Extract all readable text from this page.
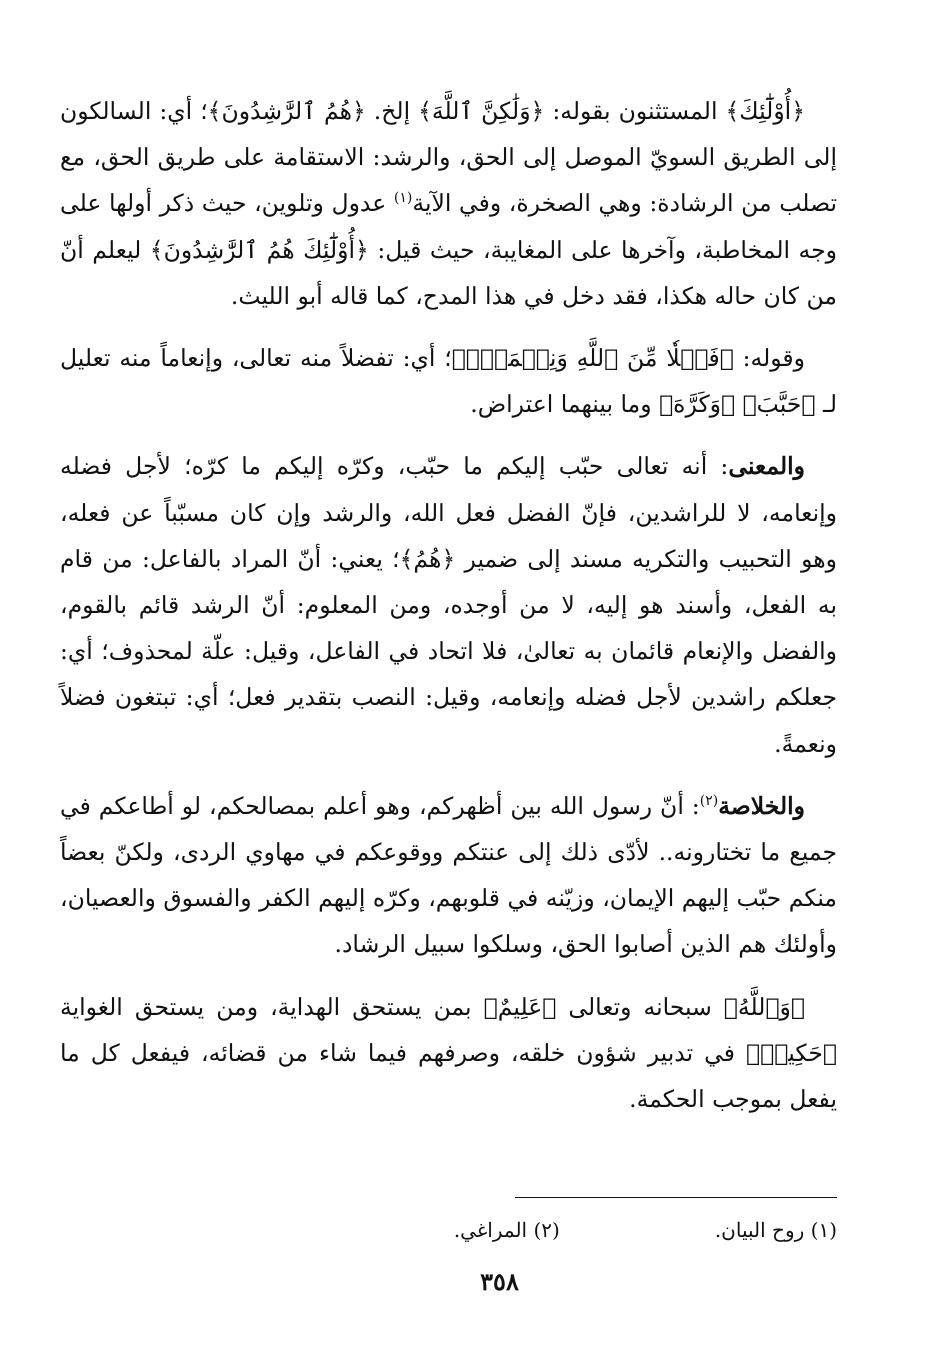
﴿أُوْلَٰٓئِكَ﴾ المستثنون بقوله: ﴿وَلَٰكِنَّ ٱللَّهَ﴾ إلخ. ﴿هُمُ ٱلرَّٰشِدُونَ﴾؛ أي: السالكون إلى الطريق السويّ الموصل إلى الحق، والرشد: الاستقامة على طريق الحق، مع تصلب من الرشادة: وهي الصخرة، وفي الآية$^{(١)}$ عدول وتلوين، حيث ذكر أولها على وجه المخاطبة، وآخرها على المغايبة، حيث قيل: ﴿أُوْلَٰٓئِكَ هُمُ ٱلرَّٰشِدُونَ﴾ ليعلم أنّ من كان حاله هكذا، فقد دخل في هذا المدح، كما قاله أبو الليث.

وقوله: ﴿فَضۡلٗا مِّنَ ٱللَّهِ وَنِعۡمَةٗۚ﴾؛ أي: تفضلاً منه تعالى، وإنعاماً منه تعليل لـ ﴿حَبَّبَ﴾ ﴿وَكَرَّهَ﴾ وما بينهما اعتراض.

والمعنى: أنه تعالى حبّب إليكم ما حبّب، وكرّه إليكم ما كرّه؛ لأجل فضله وإنعامه، لا للراشدين، فإنّ الفضل فعل الله، والرشد وإن كان مسبّباً عن فعله، وهو التحبيب والتكريه مسند إلى ضمير ﴿هُمُ﴾؛ يعني: أنّ المراد بالفاعل: من قام به الفعل، وأسند هو إليه، لا من أوجده، ومن المعلوم: أنّ الرشد قائم بالقوم، والفضل والإنعام قائمان به تعالىٰ، فلا اتحاد في الفاعل، وقيل: علّة لمحذوف؛ أي: جعلكم راشدين لأجل فضله وإنعامه، وقيل: النصب بتقدير فعل؛ أي: تبتغون فضلاً ونعمةً.

والخلاصة$^{(٢)}$: أنّ رسول الله بين أظهركم، وهو أعلم بمصالحكم، لو أطاعكم في جميع ما تختارونه.. لأدّى ذلك إلى عنتكم ووقوعكم في مهاوي الردى، ولكنّ بعضاً منكم حبّب إليهم الإيمان، وزيّنه في قلوبهم، وكرّه إليهم الكفر والفسوق والعصيان، وأولئك هم الذين أصابوا الحق، وسلكوا سبيل الرشاد.

﴿وَٱللَّهُ﴾ سبحانه وتعالى ﴿عَلِيمٌ﴾ بمن يستحق الهداية، ومن يستحق الغواية ﴿حَكِيمٞ﴾ في تدبير شؤون خلقه، وصرفهم فيما شاء من قضائه، فيفعل كل ما يفعل بموجب الحكمة.

(١) روح البيان.
(٢) المراغي.
٣٥٨
